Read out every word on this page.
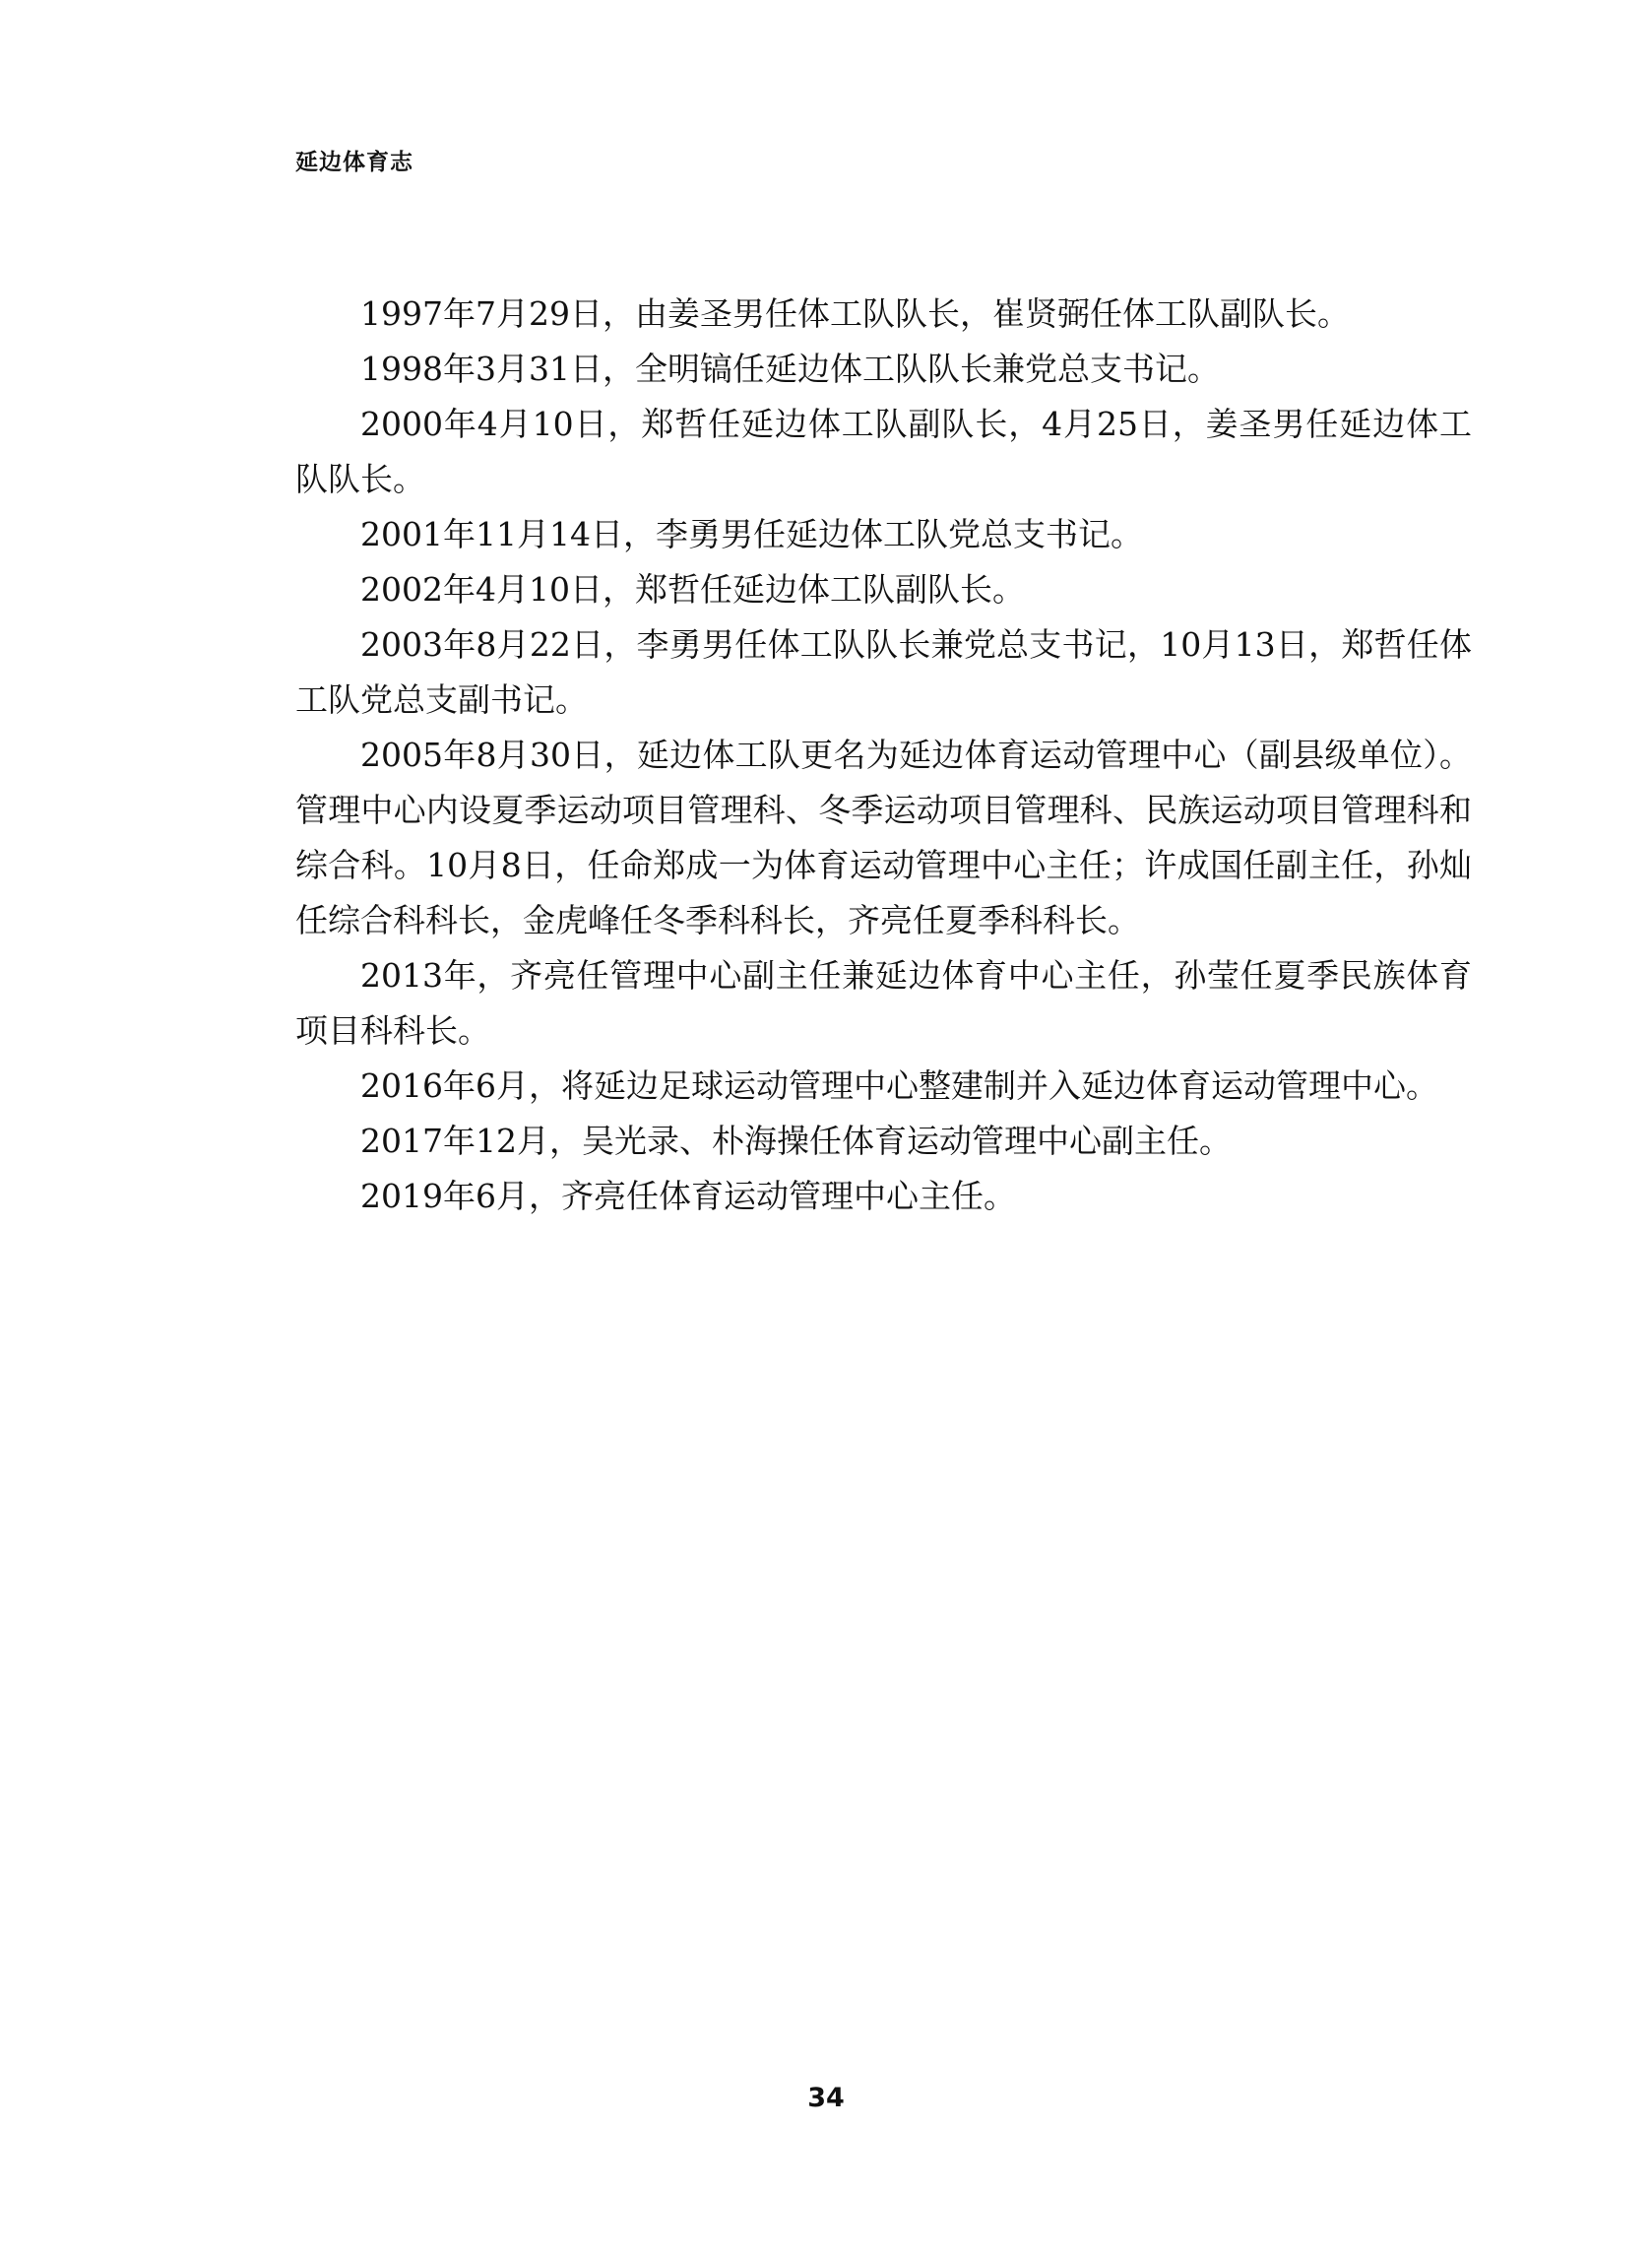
延边体育志

1997年7月29日，由姜圣男任体工队队长，崔贤弼任体工队副队长。

1998年3月31日，全明镐任延边体工队队长兼党总支书记。

2000年4月10日，郑哲任延边体工队副队长，4月25日，姜圣男任延边体工队队长。

2001年11月14日，李勇男任延边体工队党总支书记。

2002年4月10日，郑哲任延边体工队副队长。

2003年8月22日，李勇男任体工队队长兼党总支书记，10月13日，郑哲任体工队党总支副书记。

2005年8月30日，延边体工队更名为延边体育运动管理中心（副县级单位）。管理中心内设夏季运动项目管理科、冬季运动项目管理科、民族运动项目管理科和综合科。10月8日，任命郑成一为体育运动管理中心主任；许成国任副主任，孙灿任综合科科长，金虎峰任冬季科科长，齐亮任夏季科科长。

2013年，齐亮任管理中心副主任兼延边体育中心主任，孙莹任夏季民族体育项目科科长。

2016年6月，将延边足球运动管理中心整建制并入延边体育运动管理中心。

2017年12月，吴光录、朴海操任体育运动管理中心副主任。

2019年6月，齐亮任体育运动管理中心主任。

34
